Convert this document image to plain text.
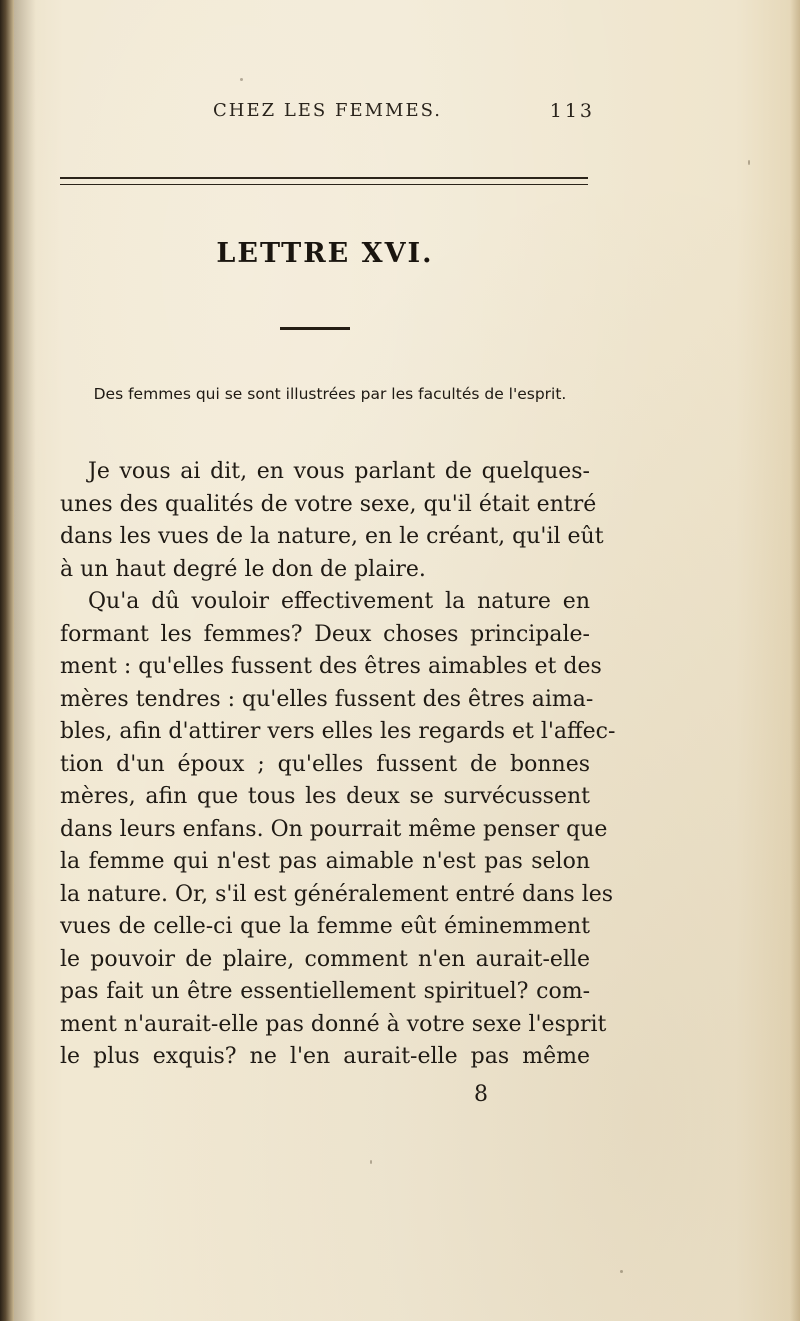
CHEZ LES FEMMES.	113
LETTRE XVI.
Des femmes qui se sont illustrées par les facultés de l'esprit.
Je vous ai dit, en vous parlant de quelques-
unes des qualités de votre sexe, qu'il était entré
dans les vues de la nature, en le créant, qu'il eût
à un haut degré le don de plaire.
Qu'a dû vouloir effectivement la nature en
formant les femmes? Deux choses principale-
ment : qu'elles fussent des êtres aimables et des
mères tendres : qu'elles fussent des êtres aima-
bles, afin d'attirer vers elles les regards et l'affec-
tion d'un époux ; qu'elles fussent de bonnes
mères, afin que tous les deux se survécussent
dans leurs enfans. On pourrait même penser que
la femme qui n'est pas aimable n'est pas selon
la nature. Or, s'il est généralement entré dans les
vues de celle-ci que la femme eût éminemment
le pouvoir de plaire, comment n'en aurait-elle
pas fait un être essentiellement spirituel? com-
ment n'aurait-elle pas donné à votre sexe l'esprit
le plus exquis? ne l'en aurait-elle pas même
8
